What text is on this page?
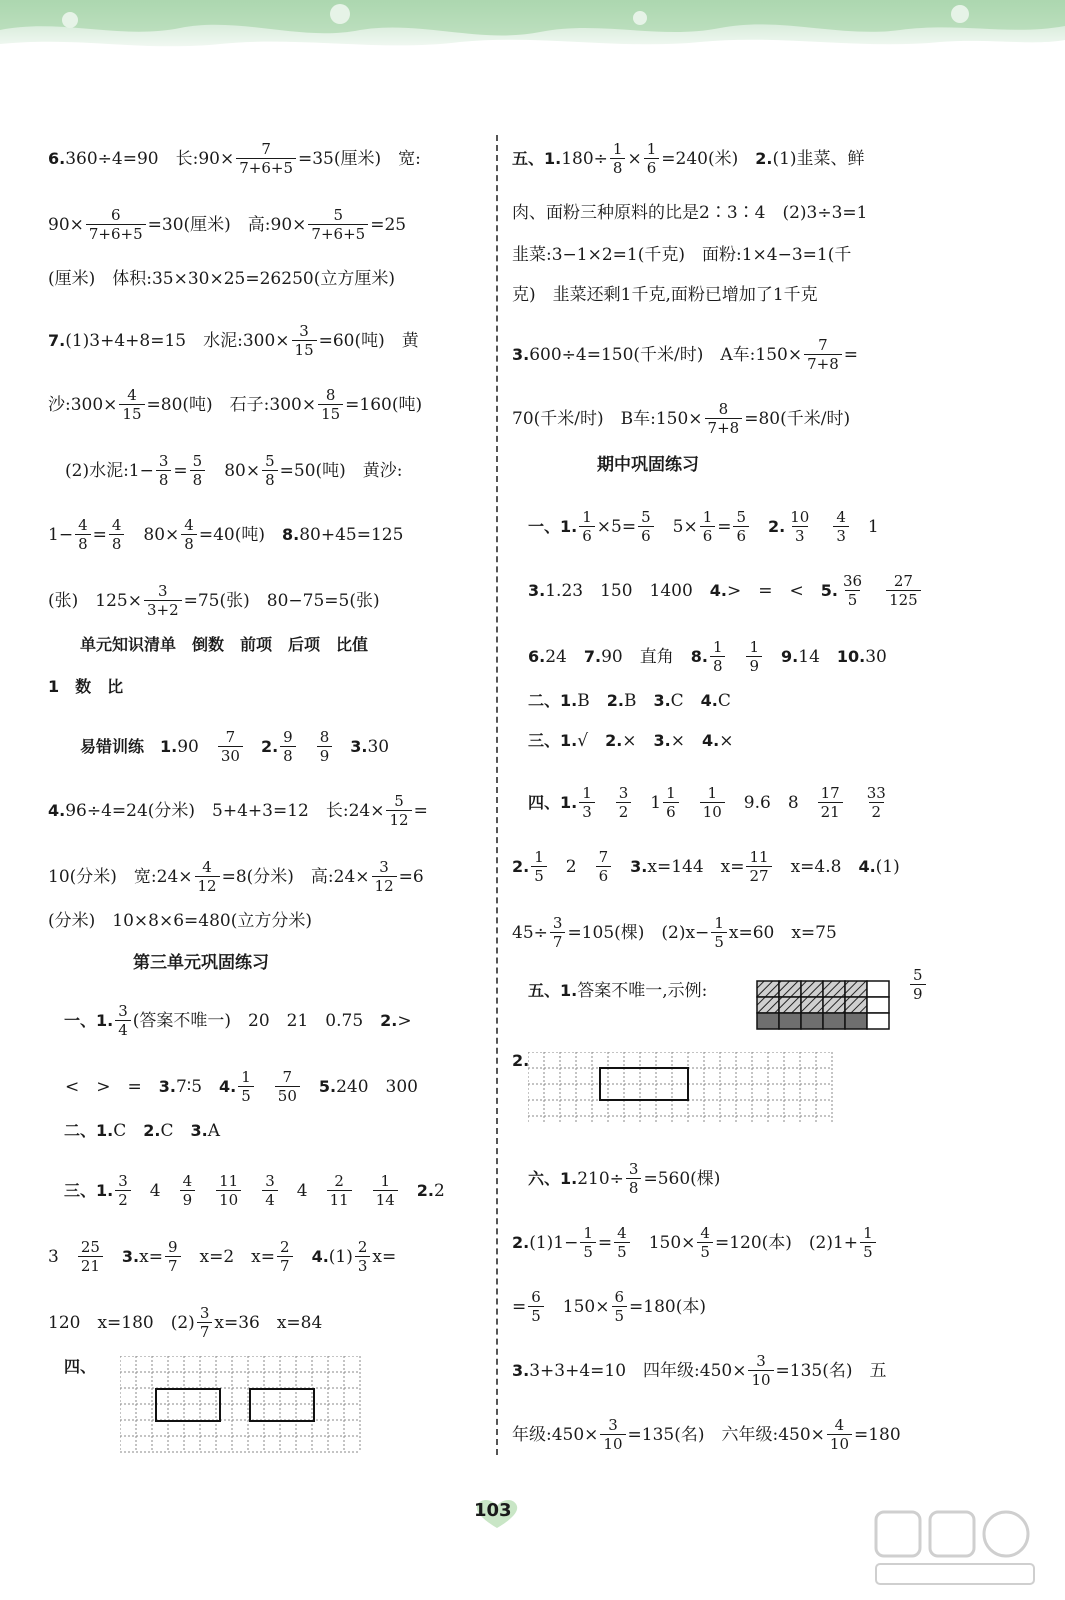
6. 360÷4=90　长:90× $\frac{7}{7+6+5} =35$(厘米)　宽:
$90\times \frac{6}{7+6+5} =30$(厘米)　高:90× $\frac{5}{7+6+5} =25$
(厘米)　体积:35×30×25=26250(立方厘米)
7. (1)3+4+8=15　水泥:300× $\frac{3}{15} =60$(吨)　黄
沙:300× $\frac{4}{15} =80$(吨)　石子:300× $\frac{8}{15} =160$(吨)
　(2)水泥:1− $\frac{3}{8} = \frac{5}{8}$ 　$80\times \frac{5}{8} =50$(吨)　黄沙:
$1- \frac{4}{8} = \frac{4}{8}$ 　$80\times \frac{4}{8} =40$(吨)　 8. 80+45=125
(张)　$125\times \frac{3}{3+2} =75$(张)　80−75=5(张)
　　单元知识清单　倒数　前项　后项　比值
1　数　比
　　易错训练　1. 90　 $\frac{7}{30}$ 　2. $\frac{9}{8}$
　 $\frac{8}{9}$ 　3. 30
4. 96÷4=24(分米)　5+4+3=12　长:24× $\frac{5}{12}$ =
10(分米)　宽:24× $\frac{4}{12} =8$(分米)　高:24× $\frac{3}{12} =6$
(分米)　10×8×6=480(立方分米)
　　　　　第三单元巩固练习
　一、1. $\frac{3}{4}$ (答案不唯一)　20　21　0.75　 2. >
　<　>　=　 3. 7∶5　 4. $\frac{1}{5}$
　 $\frac{7}{50}$
　 5. 240　300
　二、1. C　 2. C　 3. A
　三、1. $\frac{3}{2}$ 　4　 $\frac{4}{9}$
　 $\frac{11}{10}$
　 $\frac{3}{4}$ 　4　 $\frac{2}{11}$
　 $\frac{1}{14}$
　 2. 2
3　 $\frac{25}{21}$
　 3. $x= \frac{9}{7}$ 　x=2　$x= \frac{2}{7}$
　 4. $(1) \frac{2}{3} x=$
120　x=180　$(2) \frac{3}{7} x=36$　x=84
　四、
五、1. $180\div \frac{1}{8} \times \frac{1}{6} =240$(米)　 2. (1)韭菜、鲜
肉、面粉三种原料的比是2∶3∶4　(2)3÷3=1
韭菜:3−1×2=1(千克)　面粉:1×4−3=1(千
克)　韭菜还剩1千克,面粉已增加了1千克
3. 600÷4=150(千米/时)　A车:150× $\frac{7}{7+8}$ =
70(千米/时)　B车:150× $\frac{8}{7+8} =80$(千米/时)
　　　　　期中巩固练习
　一、1. $\frac{1}{6} \times 5= \frac{5}{6}$ 　$5\times \frac{1}{6} = \frac{5}{6}$
　 2. $\frac{10}{3}$
　 $\frac{4}{3}$ 　1
　3. 1.23　150　1400　 4. >　=　<　 5. $\frac{36}{5}$
　 $\frac{27}{125}$
　6. 24　 7. 90　直角　 8. $\frac{1}{8}$
　 $\frac{1}{9}$
　 9. 14　 10. 30
　二、1. B　 2. B　 3. C　 4. C
　三、1. √　 2. ×　 3. ×　 4. ×
　四、1. $\frac{1}{3}$
　 $\frac{3}{2}$ 　$1 \frac{1}{6}$
　 $\frac{1}{10}$ 　9.6　8　 $\frac{17}{21}$
　 $\frac{33}{2}$
2. $\frac{1}{5}$ 　2　 $\frac{7}{6}$
　 3. x=144　$x= \frac{11}{27}$ 　x=4.8　 4. (1)
$45\div \frac{3}{7} =105$(棵)　$(2)x- \frac{1}{5} x=60$　x=75
　五、1. 答案不唯一,示例:
2.
　六、1. $210\div \frac{3}{8} =560$(棵)
2. $(1)1- \frac{1}{5} = \frac{4}{5}$ 　$150\times \frac{4}{5} =120$(本)　$(2)1+ \frac{1}{5}$
= $\frac{6}{5}$ 　$150\times \frac{6}{5} =180$(本)
3. 3+3+4=10　四年级:450× $\frac{3}{10} =135$(名)　五
年级:450× $\frac{3}{10} =135$(名)　六年级:450× $\frac{4}{10} =180$
$\frac{5}{9}$
103
